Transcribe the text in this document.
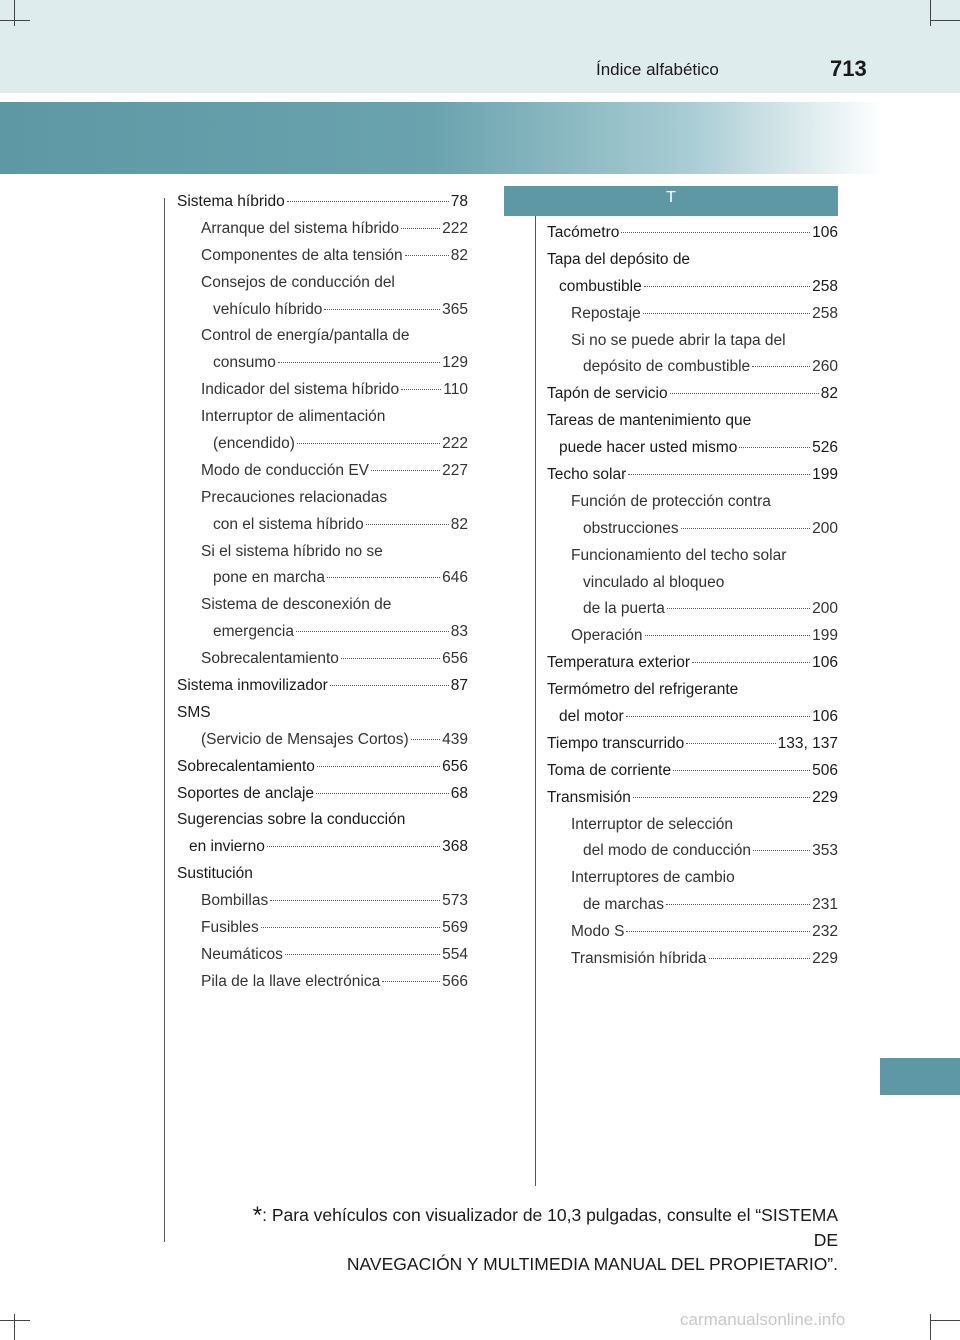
Índice alfabético	713
Sistema híbrido	78
Arranque del sistema híbrido	222
Componentes de alta tensión	82
Consejos de conducción del
vehículo híbrido	365
Control de energía/pantalla de
consumo	129
Indicador del sistema híbrido	110
Interruptor de alimentación
(encendido)	222
Modo de conducción EV	227
Precauciones relacionadas
con el sistema híbrido	82
Si el sistema híbrido no se
pone en marcha	646
Sistema de desconexión de
emergencia	83
Sobrecalentamiento	656
Sistema inmovilizador	87
SMS
(Servicio de Mensajes Cortos) 439
Sobrecalentamiento	656
Soportes de anclaje	68
Sugerencias sobre la conducción
en invierno	368
Sustitución
Bombillas	573
Fusibles	569
Neumáticos	554
Pila de la llave electrónica	566
T
Tacómetro	106
Tapa del depósito de
combustible	258
Repostaje	258
Si no se puede abrir la tapa del
depósito de combustible	260
Tapón de servicio	82
Tareas de mantenimiento que
puede hacer usted mismo	526
Techo solar	199
Función de protección contra
obstrucciones	200
Funcionamiento del techo solar
vinculado al bloqueo
de la puerta	200
Operación	199
Temperatura exterior	106
Termómetro del refrigerante
del motor	106
Tiempo transcurrido	133, 137
Toma de corriente	506
Transmisión	229
Interruptor de selección
del modo de conducción	353
Interruptores de cambio
de marchas	231
Modo S	232
Transmisión híbrida	229
*: Para vehículos con visualizador de 10,3 pulgadas, consulte el “SISTEMA DE
NAVEGACIÓN Y MULTIMEDIA MANUAL DEL PROPIETARIO”.
carmanualsonline.info
